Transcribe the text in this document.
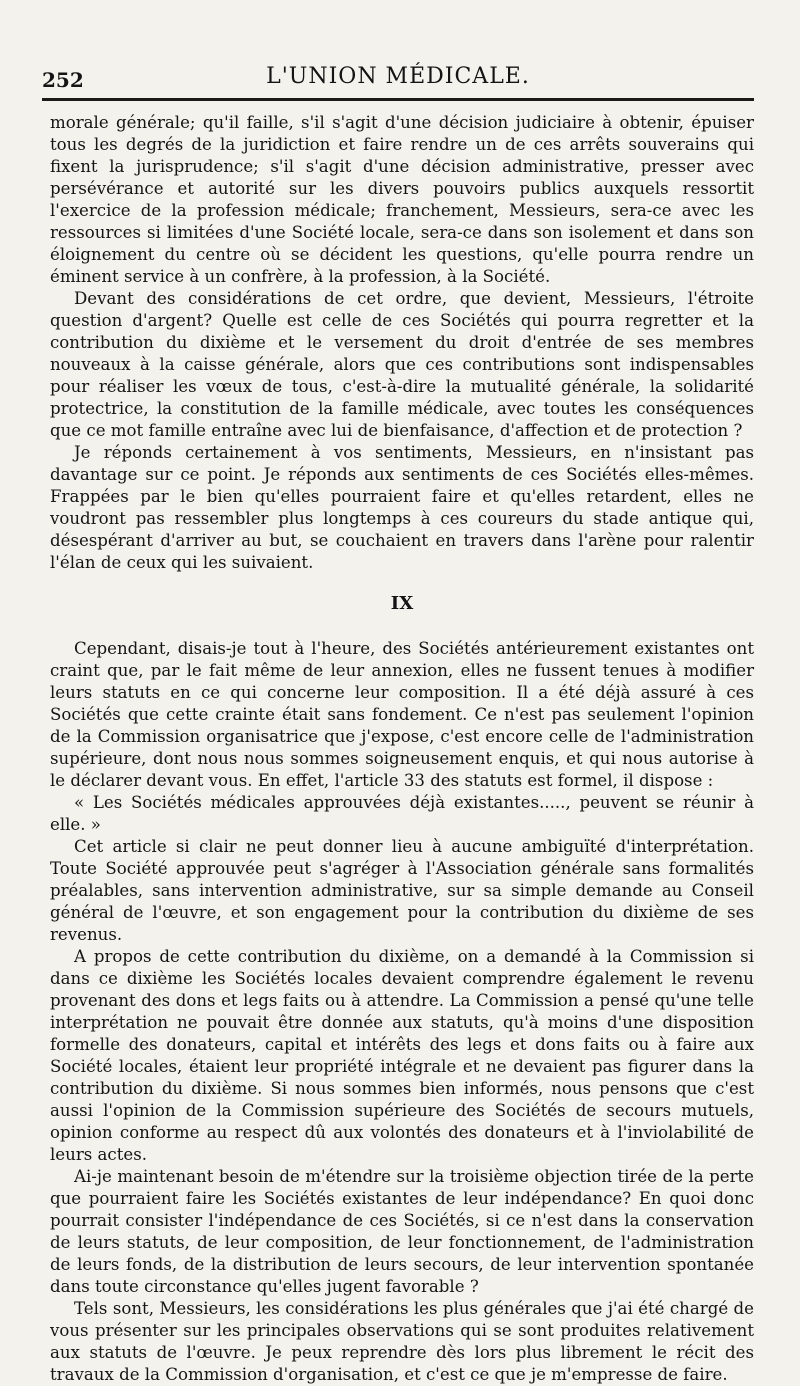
252	L'UNION MÉDICALE.

morale générale; qu'il faille, s'il s'agit d'une décision judiciaire à obtenir, épuiser tous les degrés de la juridiction et faire rendre un de ces arrêts souverains qui fixent la jurisprudence; s'il s'agit d'une décision administrative, presser avec persévérance et autorité sur les divers pouvoirs publics auxquels ressortit l'exercice de la profession médicale; franchement, Messieurs, sera-ce avec les ressources si limitées d'une Société locale, sera-ce dans son isolement et dans son éloignement du centre où se décident les questions, qu'elle pourra rendre un éminent service à un confrère, à la profession, à la Société.

Devant des considérations de cet ordre, que devient, Messieurs, l'étroite question d'argent? Quelle est celle de ces Sociétés qui pourra regretter et la contribution du dixième et le versement du droit d'entrée de ses membres nouveaux à la caisse générale, alors que ces contributions sont indispensables pour réaliser les vœux de tous, c'est-à-dire la mutualité générale, la solidarité protectrice, la constitution de la famille médicale, avec toutes les conséquences que ce mot famille entraîne avec lui de bienfaisance, d'affection et de protection ?

Je réponds certainement à vos sentiments, Messieurs, en n'insistant pas davantage sur ce point. Je réponds aux sentiments de ces Sociétés elles-mêmes. Frappées par le bien qu'elles pourraient faire et qu'elles retardent, elles ne voudront pas ressembler plus longtemps à ces coureurs du stade antique qui, désespérant d'arriver au but, se couchaient en travers dans l'arène pour ralentir l'élan de ceux qui les suivaient.

IX

Cependant, disais-je tout à l'heure, des Sociétés antérieurement existantes ont craint que, par le fait même de leur annexion, elles ne fussent tenues à modifier leurs statuts en ce qui concerne leur composition. Il a été déjà assuré à ces Sociétés que cette crainte était sans fondement. Ce n'est pas seulement l'opinion de la Commission organisatrice que j'expose, c'est encore celle de l'administration supérieure, dont nous nous sommes soigneusement enquis, et qui nous autorise à le déclarer devant vous. En effet, l'article 33 des statuts est formel, il dispose :

« Les Sociétés médicales approuvées déjà existantes....., peuvent se réunir à elle. »

Cet article si clair ne peut donner lieu à aucune ambiguïté d'interprétation. Toute Société approuvée peut s'agréger à l'Association générale sans formalités préalables, sans intervention administrative, sur sa simple demande au Conseil général de l'œuvre, et son engagement pour la contribution du dixième de ses revenus.

A propos de cette contribution du dixième, on a demandé à la Commission si dans ce dixième les Sociétés locales devaient comprendre également le revenu provenant des dons et legs faits ou à attendre. La Commission a pensé qu'une telle interprétation ne pouvait être donnée aux statuts, qu'à moins d'une disposition formelle des donateurs, capital et intérêts des legs et dons faits ou à faire aux Société locales, étaient leur propriété intégrale et ne devaient pas figurer dans la contribution du dixième. Si nous sommes bien informés, nous pensons que c'est aussi l'opinion de la Commission supérieure des Sociétés de secours mutuels, opinion conforme au respect dû aux volontés des donateurs et à l'inviolabilité de leurs actes.

Ai-je maintenant besoin de m'étendre sur la troisième objection tirée de la perte que pourraient faire les Sociétés existantes de leur indépendance? En quoi donc pourrait consister l'indépendance de ces Sociétés, si ce n'est dans la conservation de leurs statuts, de leur composition, de leur fonctionnement, de l'administration de leurs fonds, de la distribution de leurs secours, de leur intervention spontanée dans toute circonstance qu'elles jugent favorable ?

Tels sont, Messieurs, les considérations les plus générales que j'ai été chargé de vous présenter sur les principales observations qui se sont produites relativement aux statuts de l'œuvre. Je peux reprendre dès lors plus librement le récit des travaux de la Commission d'organisation, et c'est ce que je m'empresse de faire.
